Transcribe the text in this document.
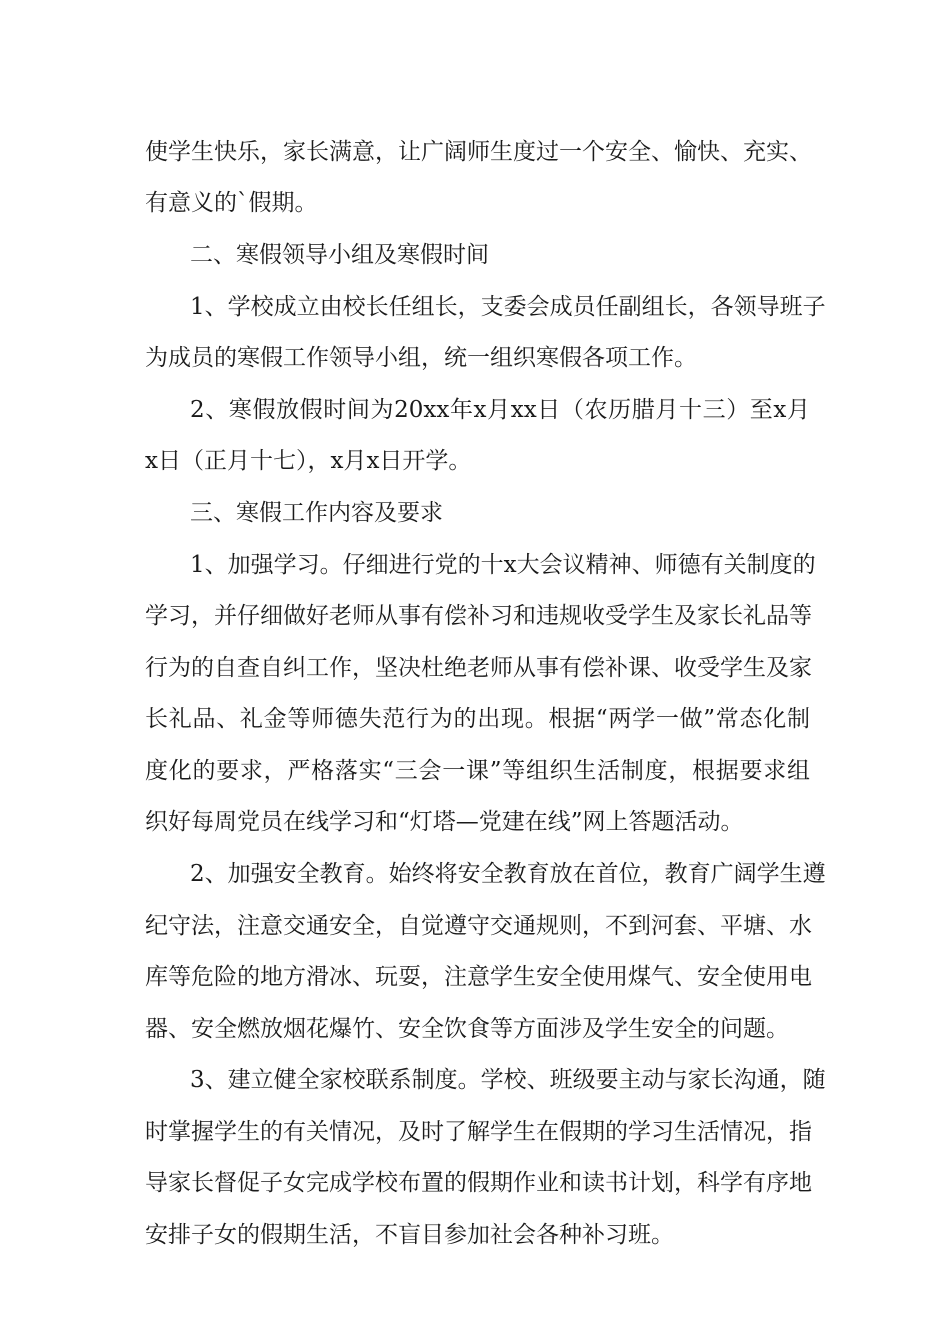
使学生快乐，家长满意，让广阔师生度过一个安全、愉快、充实、
有意义的`假期。
二、寒假领导小组及寒假时间
1、学校成立由校长任组长，支委会成员任副组长，各领导班子
为成员的寒假工作领导小组，统一组织寒假各项工作。
2、寒假放假时间为20xx年x月xx日（农历腊月十三）至x月
x日（正月十七），x月x日开学。
三、寒假工作内容及要求
1、加强学习。仔细进行党的十x大会议精神、师德有关制度的
学习，并仔细做好老师从事有偿补习和违规收受学生及家长礼品等
行为的自查自纠工作，坚决杜绝老师从事有偿补课、收受学生及家
长礼品、礼金等师德失范行为的出现。根据“两学一做”常态化制
度化的要求，严格落实“三会一课”等组织生活制度，根据要求组
织好每周党员在线学习和“灯塔—党建在线”网上答题活动。
2、加强安全教育。始终将安全教育放在首位，教育广阔学生遵
纪守法，注意交通安全，自觉遵守交通规则，不到河套、平塘、水
库等危险的地方滑冰、玩耍，注意学生安全使用煤气、安全使用电
器、安全燃放烟花爆竹、安全饮食等方面涉及学生安全的问题。
3、建立健全家校联系制度。学校、班级要主动与家长沟通，随
时掌握学生的有关情况，及时了解学生在假期的学习生活情况，指
导家长督促子女完成学校布置的假期作业和读书计划，科学有序地
安排子女的假期生活，不盲目参加社会各种补习班。
